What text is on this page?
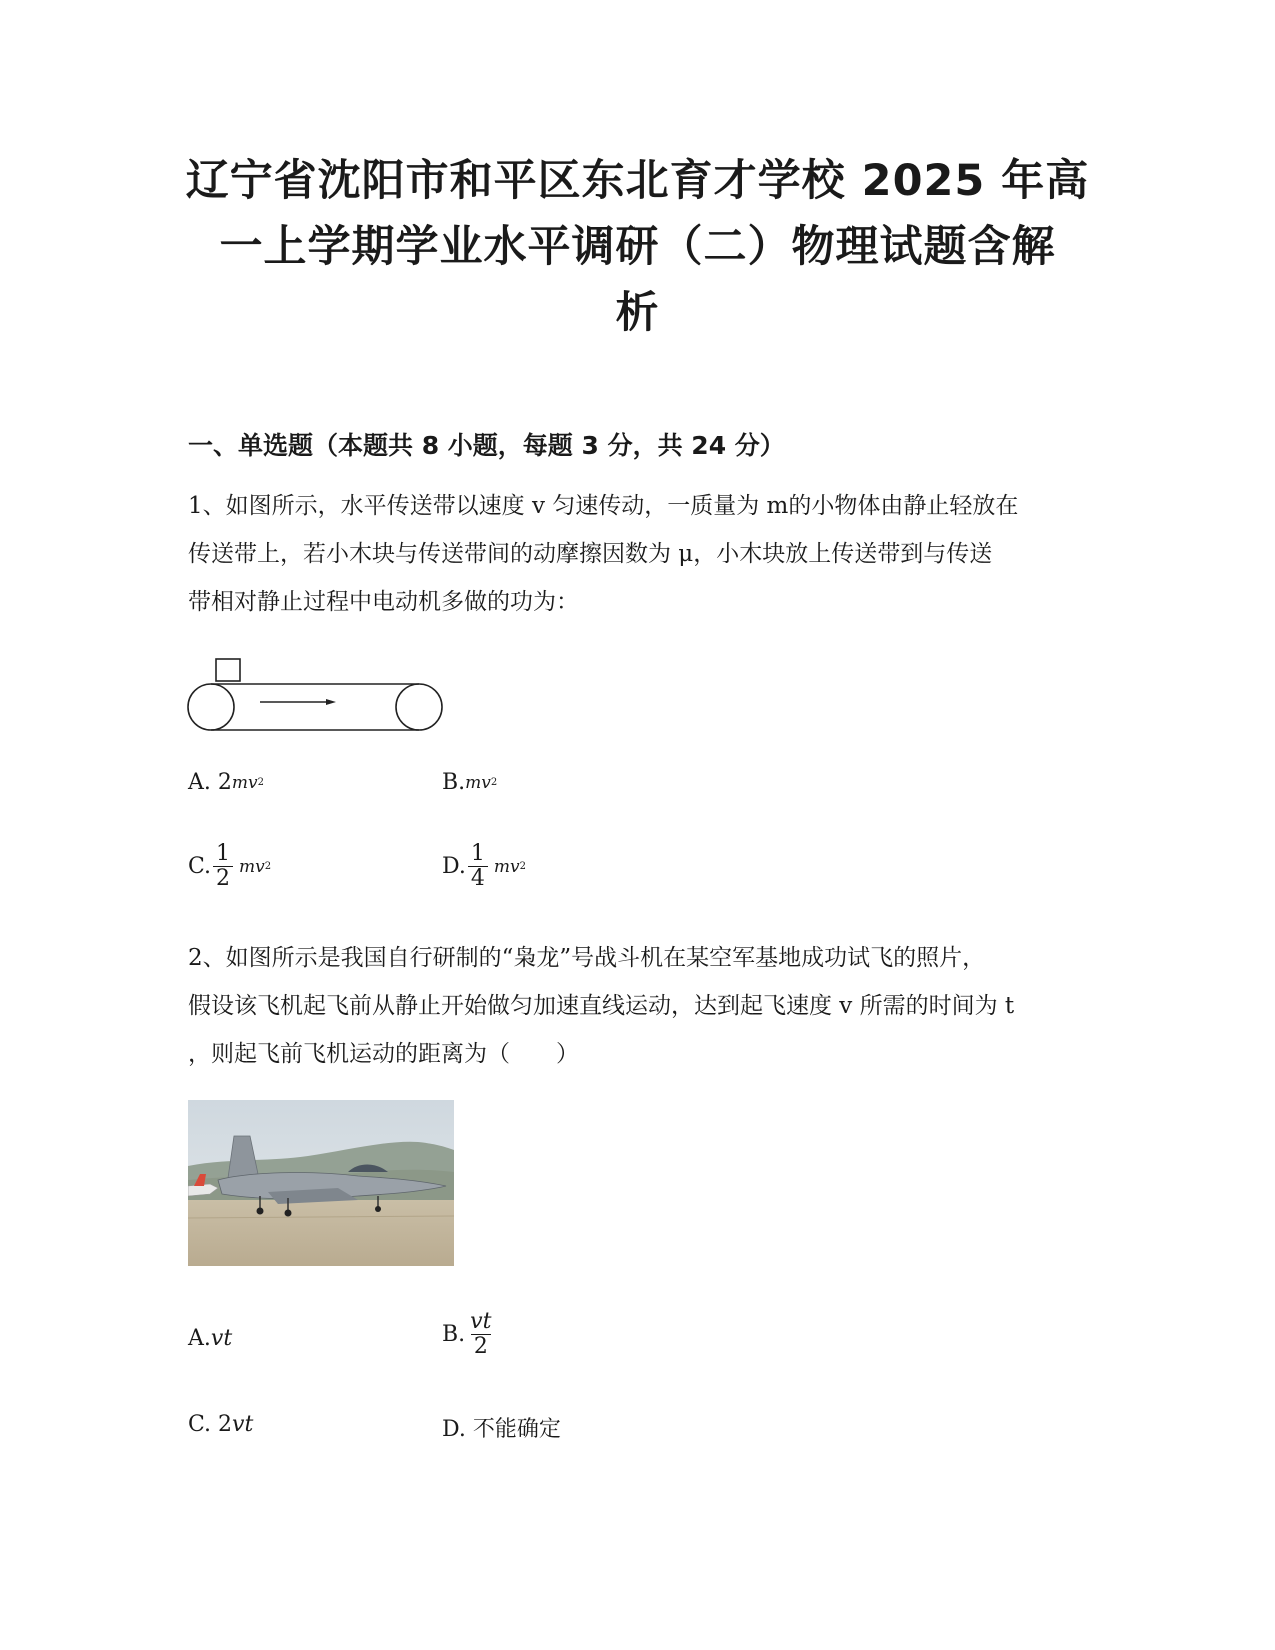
辽宁省沈阳市和平区东北育才学校 2025 年高
一上学期学业水平调研（二）物理试题含解
析
一、单选题（本题共 8 小题，每题 3 分，共 24 分）
1、如图所示，水平传送带以速度 v 匀速传动，一质量为 m的小物体由静止轻放在
传送带上，若小木块与传送带间的动摩擦因数为 μ，小木块放上传送带到与传送
带相对静止过程中电动机多做的功为：
A. 2 mv 2	B. mv 2
C. $\frac{1}{2}$ mv 2	D. $\frac{1}{4}$ mv 2
2、如图所示是我国自行研制的“枭龙”号战斗机在某空军基地成功试飞的照片，
假设该飞机起飞前从静止开始做匀加速直线运动，达到起飞速度 v 所需的时间为 t
，则起飞前飞机运动的距离为（　　）
A. vt	B. $\frac{vt}{2}$
C. 2 vt	D. 不能确定
